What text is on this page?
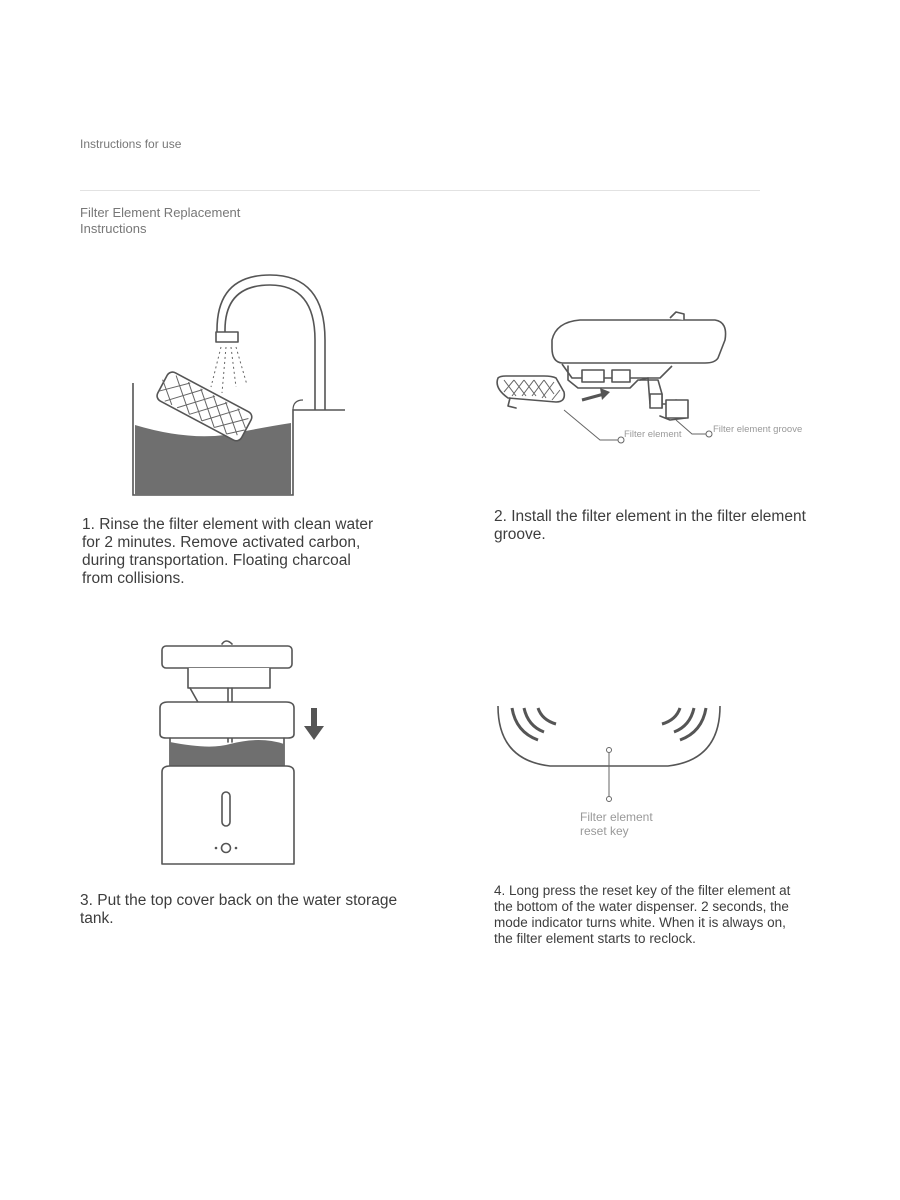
Instructions for use
Filter Element Replacement Instructions
1. Rinse the filter element with clean water for 2 minutes. Remove activated carbon, during transportation. Floating charcoal from collisions.
Filter element	Filter element groove
2. Install the filter element in the filter element groove.
3. Put the top cover back on the water storage tank.
Filter element reset key
4. Long press the reset key of the filter element at the bottom of the water dispenser. 2 seconds, the mode indicator turns white. When it is always on, the filter element starts to reclock.
